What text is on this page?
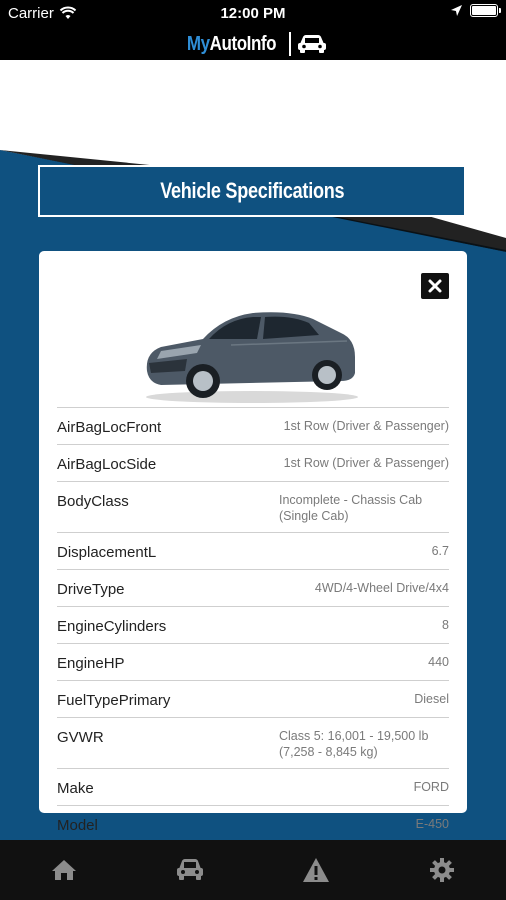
Carrier	12:00 PM
MyAutoInfo
Vehicle Specifications
AirBagLocFront	1st Row (Driver & Passenger)
AirBagLocSide	1st Row (Driver & Passenger)
BodyClass	Incomplete - Chassis Cab (Single Cab)
DisplacementL	6.7
DriveType	4WD/4-Wheel Drive/4x4
EngineCylinders	8
EngineHP	440
FuelTypePrimary	Diesel
GVWR	Class 5: 16,001 - 19,500 lb (7,258 - 8,845 kg)
Make	FORD
Model	E-450
